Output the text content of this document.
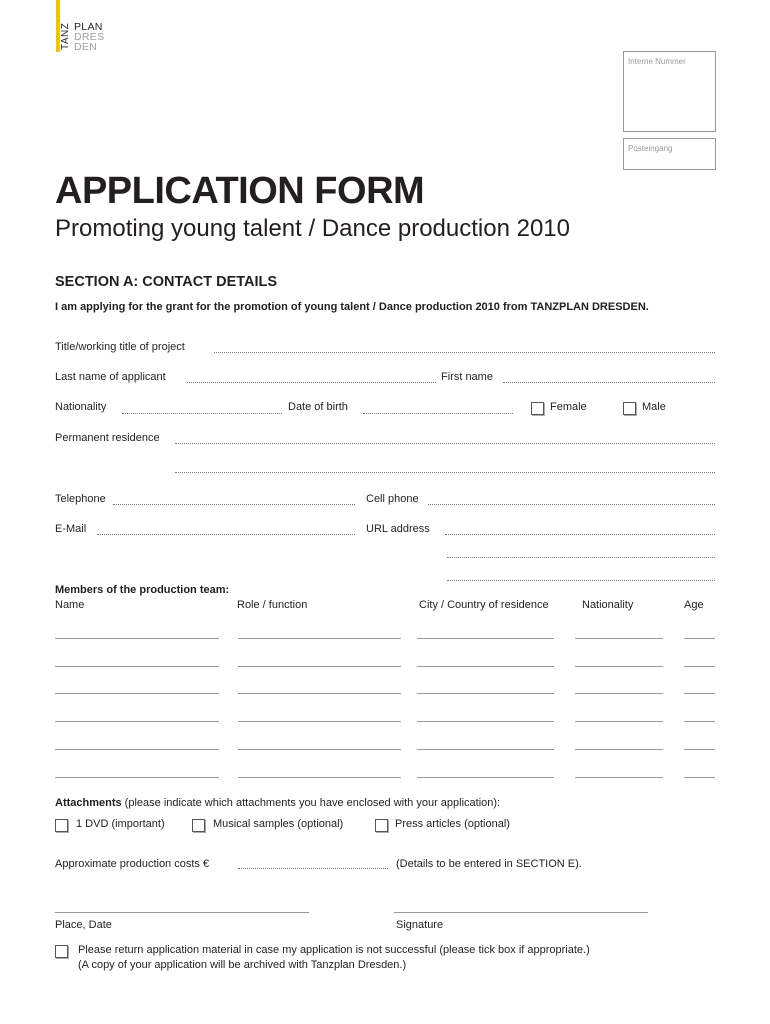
TANZ PLAN
DRES
DEN
Interne Nummer
Posteingang
APPLICATION FORM
Promoting young talent / Dance production 2010
SECTION A: CONTACT DETAILS
I am applying for the grant for the promotion of young talent / Dance production 2010 from TANZPLAN DRESDEN.
Title/working title of project
Last name of applicant	First name
Nationality	Date of birth	Female	Male
Permanent residence
Telephone	Cell phone
E-Mail	URL address
Members of the production team:
Name	Role / function	City / Country of residence	Nationality	Age
Attachments (please indicate which attachments you have enclosed with your application):
1 DVD (important)	Musical samples (optional)	Press articles (optional)
Approximate production costs €	(Details to be entered in SECTION E).
Place, Date	Signature
Please return application material in case my application is not successful (please tick box if appropriate.)
(A copy of your application will be archived with Tanzplan Dresden.)
